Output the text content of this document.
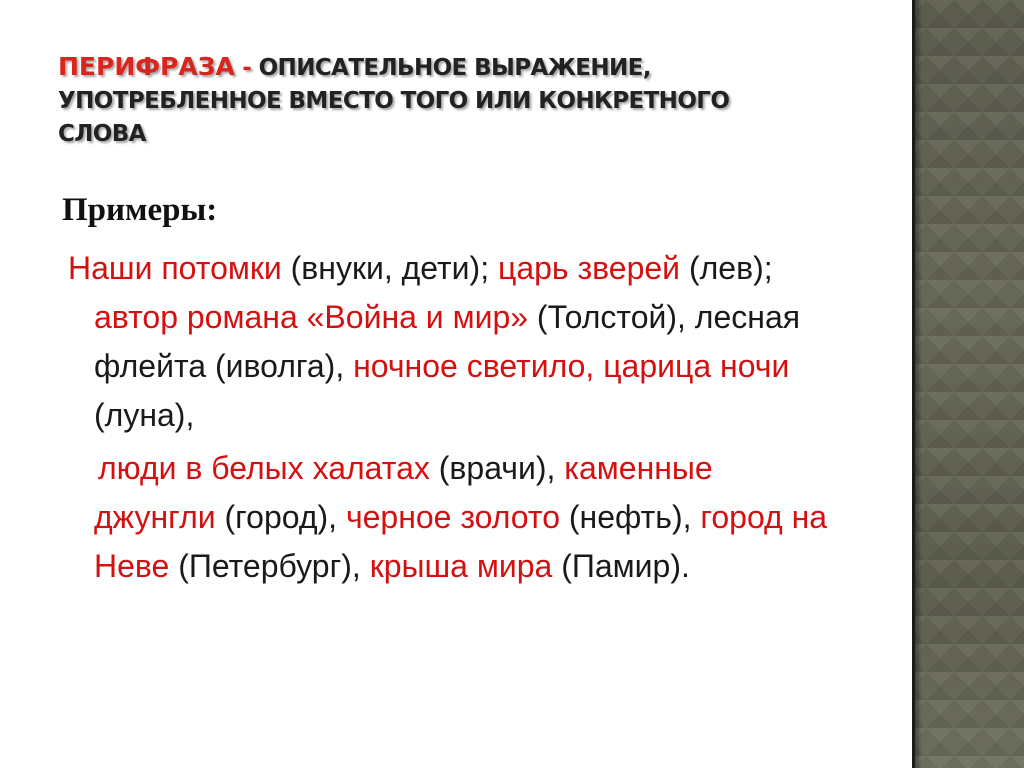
ПЕРИФРАЗА - ОПИСАТЕЛЬНОЕ ВЫРАЖЕНИЕ, УПОТРЕБЛЕННОЕ ВМЕСТО ТОГО ИЛИ КОНКРЕТНОГО СЛОВА
Примеры:

Наши потомки (внуки, дети); царь зверей (лев); автор романа «Война и мир» (Толстой), лесная флейта (иволга), ночное светило, царица ночи (луна),

люди в белых халатах (врачи), каменные джунгли (город), черное золото (нефть), город на Неве (Петербург), крыша мира (Памир).
